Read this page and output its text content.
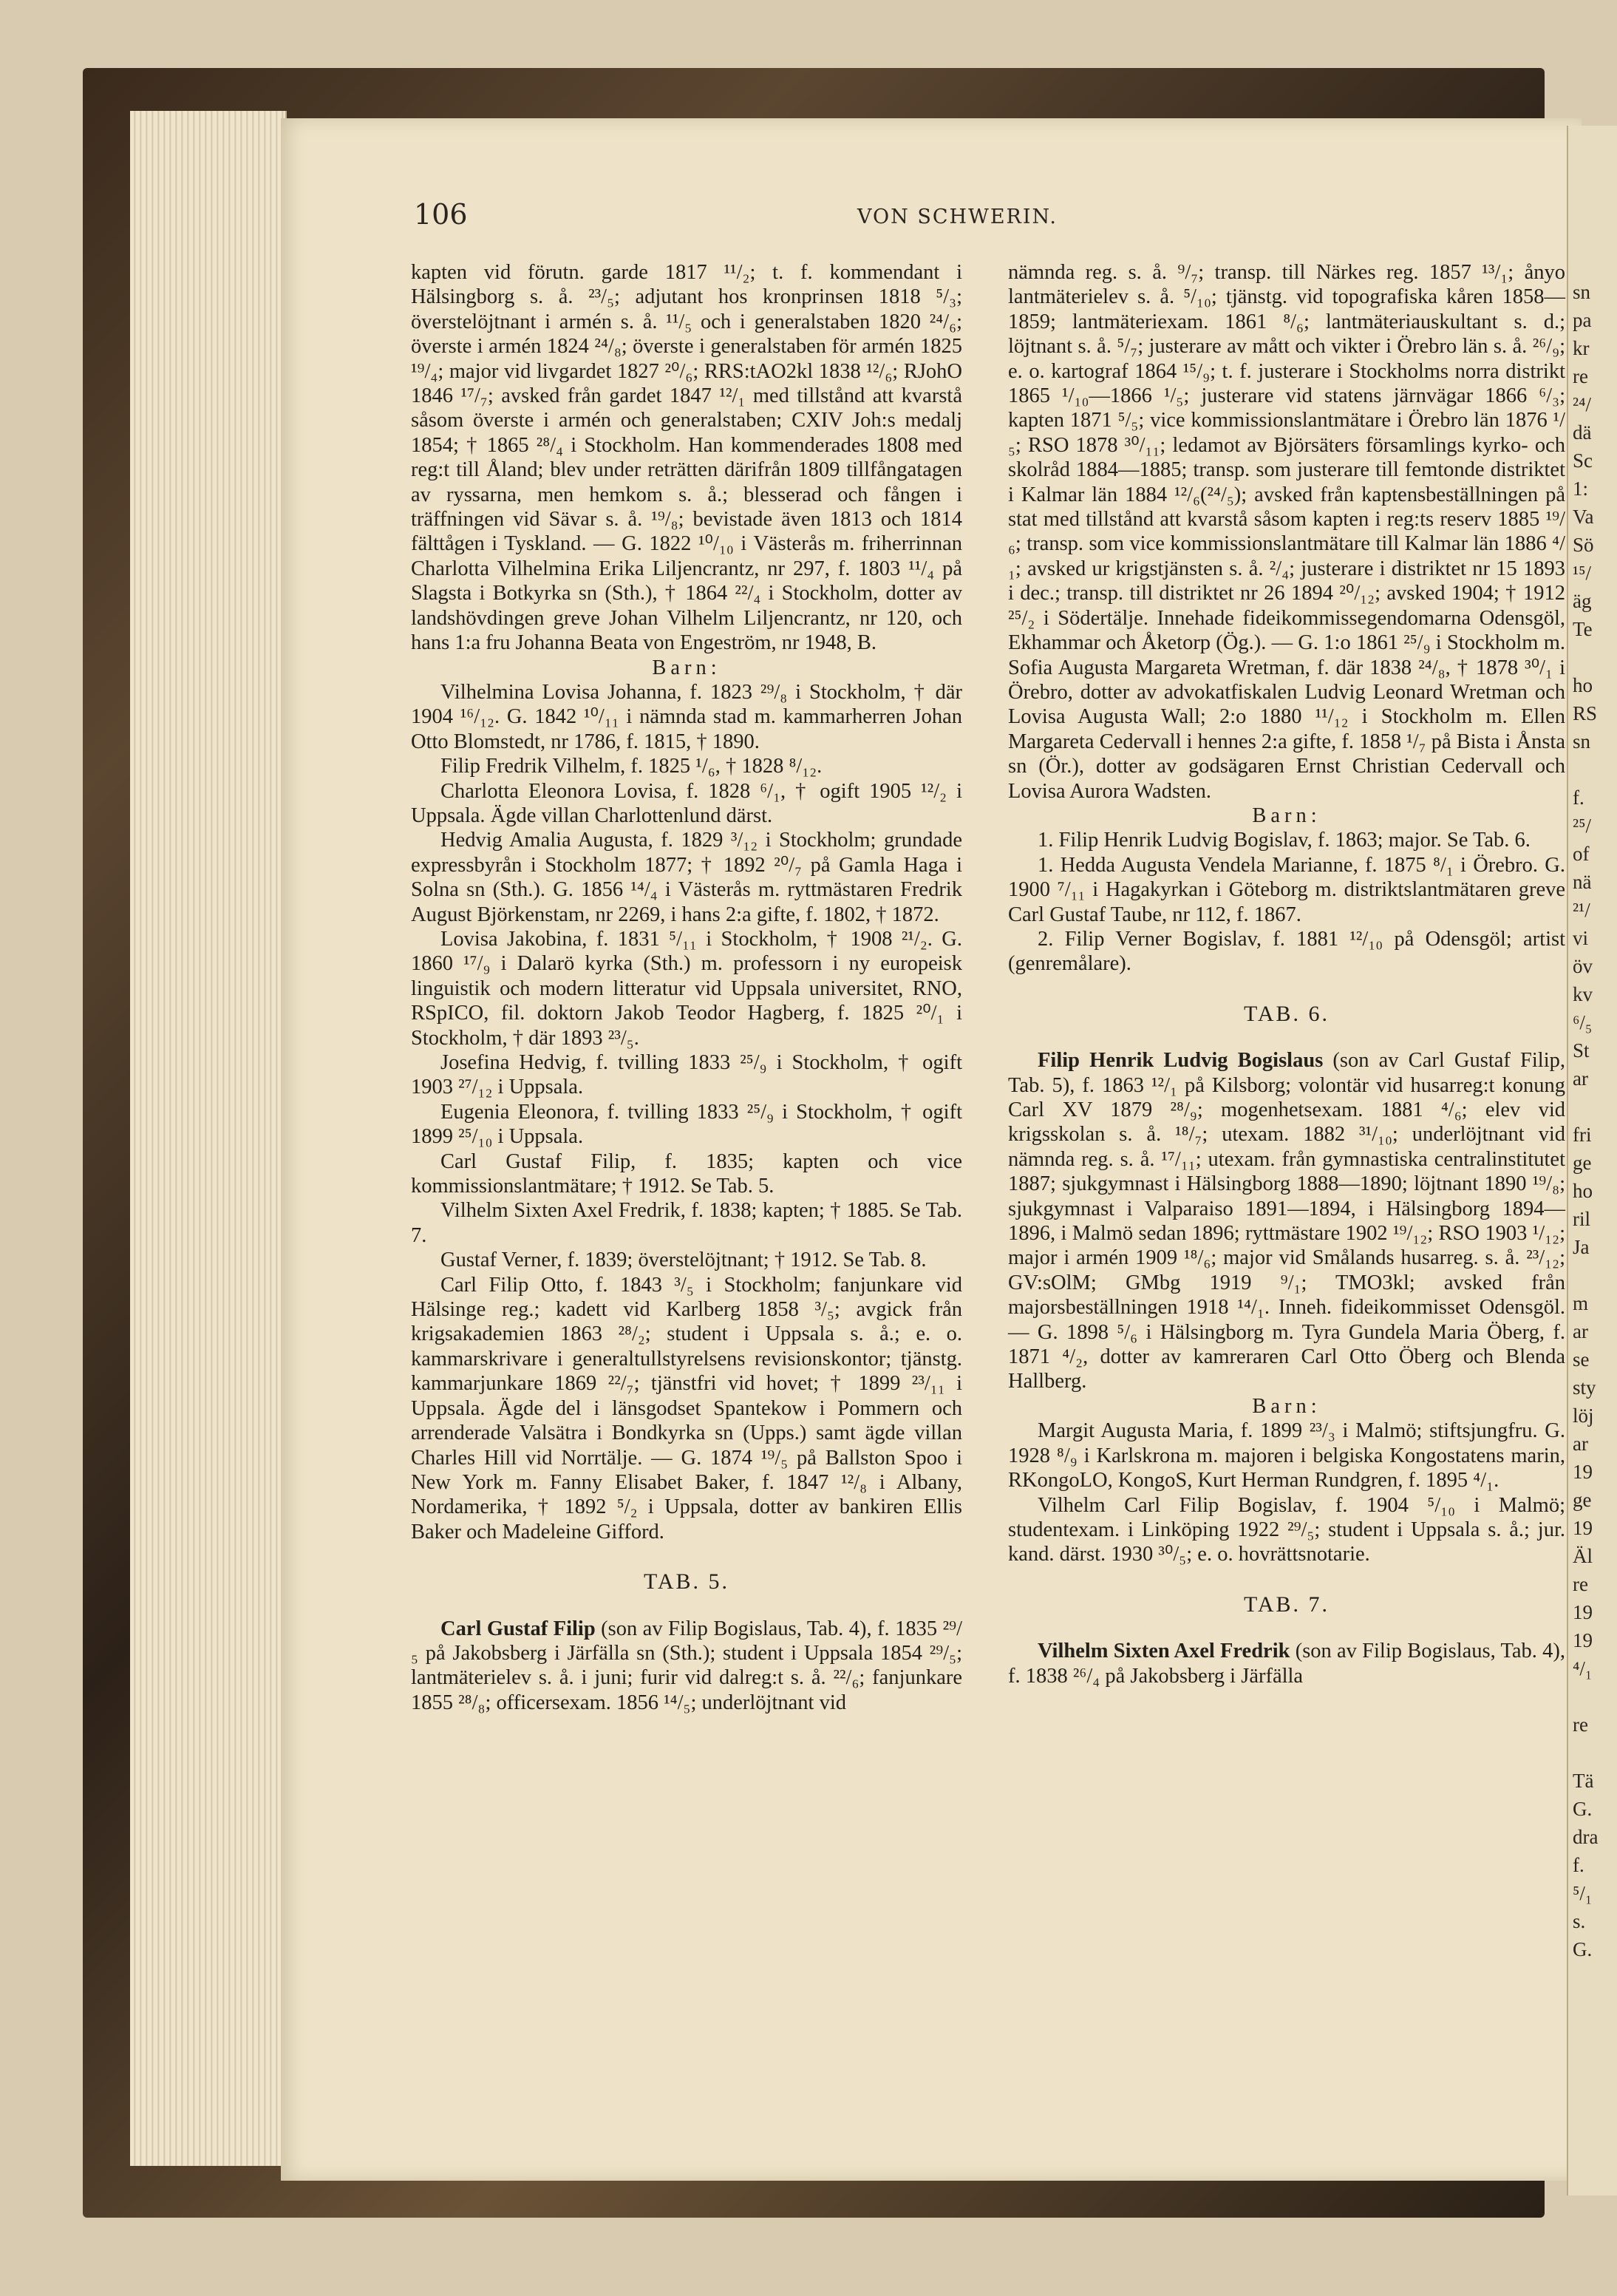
sn
pa
kr
re
²⁴/
dä
Sc
1:
Va
Sö
¹⁵/
äg
Te
ho
RS
sn
f.
²⁵/
of
nä
²¹/
vi
öv
kv
⁶/₅
St
ar
fri
ge
ho
ril
Ja
m
ar
se
sty
löj
ar
19
ge
19
Äl
re
19
19
⁴/₁
re
Tä
G.
dra
f.
⁵/₁
s.
G.
106	VON SCHWERIN.

kapten vid förutn. garde 1817 ¹¹/₂; t. f. kommendant i Hälsingborg s. å. ²³/₅; adjutant hos kronprinsen 1818 ⁵/₃; överstelöjtnant i armén s. å. ¹¹/₅ och i generalstaben 1820 ²⁴/₆; överste i armén 1824 ²⁴/₈; överste i generalstaben för armén 1825 ¹⁹/₄; major vid livgardet 1827 ²⁰/₆; RRS:tAO2kl 1838 ¹²/₆; RJohO 1846 ¹⁷/₇; avsked från gardet 1847 ¹²/₁ med tillstånd att kvarstå såsom överste i armén och generalstaben; CXIV Joh:s medalj 1854; † 1865 ²⁸/₄ i Stockholm. Han kommenderades 1808 med reg:t till Åland; blev under reträtten därifrån 1809 tillfångatagen av ryssarna, men hemkom s. å.; blesserad och fången i träffningen vid Sävar s. å. ¹⁹/₈; bevistade även 1813 och 1814 fälttågen i Tyskland. — G. 1822 ¹⁰/₁₀ i Västerås m. friherrinnan Charlotta Vilhelmina Erika Liljencrantz, nr 297, f. 1803 ¹¹/₄ på Slagsta i Botkyrka sn (Sth.), † 1864 ²²/₄ i Stockholm, dotter av landshövdingen greve Johan Vilhelm Liljencrantz, nr 120, och hans 1:a fru Johanna Beata von Engeström, nr 1948, B.

Barn:

Vilhelmina Lovisa Johanna, f. 1823 ²⁹/₈ i Stockholm, † där 1904 ¹⁶/₁₂. G. 1842 ¹⁰/₁₁ i nämnda stad m. kammarherren Johan Otto Blomstedt, nr 1786, f. 1815, † 1890.

Filip Fredrik Vilhelm, f. 1825 ¹/₆, † 1828 ⁸/₁₂.

Charlotta Eleonora Lovisa, f. 1828 ⁶/₁, † ogift 1905 ¹²/₂ i Uppsala. Ägde villan Charlottenlund därst.

Hedvig Amalia Augusta, f. 1829 ³/₁₂ i Stockholm; grundade expressbyrån i Stockholm 1877; † 1892 ²⁰/₇ på Gamla Haga i Solna sn (Sth.). G. 1856 ¹⁴/₄ i Västerås m. ryttmästaren Fredrik August Björkenstam, nr 2269, i hans 2:a gifte, f. 1802, † 1872.

Lovisa Jakobina, f. 1831 ⁵/₁₁ i Stockholm, † 1908 ²¹/₂. G. 1860 ¹⁷/₉ i Dalarö kyrka (Sth.) m. professorn i ny europeisk linguistik och modern litteratur vid Uppsala universitet, RNO, RSpICO, fil. doktorn Jakob Teodor Hagberg, f. 1825 ²⁰/₁ i Stockholm, † där 1893 ²³/₅.

Josefina Hedvig, f. tvilling 1833 ²⁵/₉ i Stockholm, † ogift 1903 ²⁷/₁₂ i Uppsala.

Eugenia Eleonora, f. tvilling 1833 ²⁵/₉ i Stockholm, † ogift 1899 ²⁵/₁₀ i Uppsala.

Carl Gustaf Filip, f. 1835; kapten och vice kommissionslantmätare; † 1912. Se Tab. 5.

Vilhelm Sixten Axel Fredrik, f. 1838; kapten; † 1885. Se Tab. 7.

Gustaf Verner, f. 1839; överstelöjtnant; † 1912. Se Tab. 8.

Carl Filip Otto, f. 1843 ³/₅ i Stockholm; fanjunkare vid Hälsinge reg.; kadett vid Karlberg 1858 ³/₅; avgick från krigsakademien 1863 ²⁸/₂; student i Uppsala s. å.; e. o. kammarskrivare i generaltullstyrelsens revisionskontor; tjänstg. kammarjunkare 1869 ²²/₇; tjänstfri vid hovet; † 1899 ²³/₁₁ i Uppsala. Ägde del i länsgodset Spantekow i Pommern och arrenderade Valsätra i Bondkyrka sn (Upps.) samt ägde villan Charles Hill vid Norrtälje. — G. 1874 ¹⁹/₅ på Ballston Spoo i New York m. Fanny Elisabet Baker, f. 1847 ¹²/₈ i Albany, Nordamerika, † 1892 ⁵/₂ i Uppsala, dotter av bankiren Ellis Baker och Madeleine Gifford.

TAB. 5.

Carl Gustaf Filip (son av Filip Bogislaus, Tab. 4), f. 1835 ²⁹/₅ på Jakobsberg i Järfälla sn (Sth.); student i Uppsala 1854 ²⁹/₅; lantmäterielev s. å. i juni; furir vid dalreg:t s. å. ²²/₆; fanjunkare 1855 ²⁸/₈; officersexam. 1856 ¹⁴/₅; underlöjtnant vid

nämnda reg. s. å. ⁹/₇; transp. till Närkes reg. 1857 ¹³/₁; ånyo lantmäterielev s. å. ⁵/₁₀; tjänstg. vid topografiska kåren 1858—1859; lantmäteriexam. 1861 ⁸/₆; lantmäteriauskultant s. d.; löjtnant s. å. ⁵/₇; justerare av mått och vikter i Örebro län s. å. ²⁶/₉; e. o. kartograf 1864 ¹⁵/₉; t. f. justerare i Stockholms norra distrikt 1865 ¹/₁₀—1866 ¹/₅; justerare vid statens järnvägar 1866 ⁶/₃; kapten 1871 ⁵/₅; vice kommissionslantmätare i Örebro län 1876 ¹/₅; RSO 1878 ³⁰/₁₁; ledamot av Björsäters församlings kyrko- och skolråd 1884—1885; transp. som justerare till femtonde distriktet i Kalmar län 1884 ¹²/₆(²⁴/₅); avsked från kaptensbeställningen på stat med tillstånd att kvarstå såsom kapten i reg:ts reserv 1885 ¹⁹/₆; transp. som vice kommissionslantmätare till Kalmar län 1886 ⁴/₁; avsked ur krigstjänsten s. å. ²/₄; justerare i distriktet nr 15 1893 i dec.; transp. till distriktet nr 26 1894 ²⁰/₁₂; avsked 1904; † 1912 ²⁵/₂ i Södertälje. Innehade fideikommissegendomarna Odensgöl, Ekhammar och Åketorp (Ög.). — G. 1:o 1861 ²⁵/₉ i Stockholm m. Sofia Augusta Margareta Wretman, f. där 1838 ²⁴/₈, † 1878 ³⁰/₁ i Örebro, dotter av advokatfiskalen Ludvig Leonard Wretman och Lovisa Augusta Wall; 2:o 1880 ¹¹/₁₂ i Stockholm m. Ellen Margareta Cedervall i hennes 2:a gifte, f. 1858 ¹/₇ på Bista i Ånsta sn (Ör.), dotter av godsägaren Ernst Christian Cedervall och Lovisa Aurora Wadsten.

Barn:

1. Filip Henrik Ludvig Bogislav, f. 1863; major. Se Tab. 6.

1. Hedda Augusta Vendela Marianne, f. 1875 ⁸/₁ i Örebro. G. 1900 ⁷/₁₁ i Hagakyrkan i Göteborg m. distriktslantmätaren greve Carl Gustaf Taube, nr 112, f. 1867.

2. Filip Verner Bogislav, f. 1881 ¹²/₁₀ på Odensgöl; artist (genremålare).

TAB. 6.

Filip Henrik Ludvig Bogislaus (son av Carl Gustaf Filip, Tab. 5), f. 1863 ¹²/₁ på Kilsborg; volontär vid husarreg:t konung Carl XV 1879 ²⁸/₉; mogenhetsexam. 1881 ⁴/₆; elev vid krigsskolan s. å. ¹⁸/₇; utexam. 1882 ³¹/₁₀; underlöjtnant vid nämnda reg. s. å. ¹⁷/₁₁; utexam. från gymnastiska centralinstitutet 1887; sjukgymnast i Hälsingborg 1888—1890; löjtnant 1890 ¹⁹/₈; sjukgymnast i Valparaiso 1891—1894, i Hälsingborg 1894—1896, i Malmö sedan 1896; ryttmästare 1902 ¹⁹/₁₂; RSO 1903 ¹/₁₂; major i armén 1909 ¹⁸/₆; major vid Smålands husarreg. s. å. ²³/₁₂; GV:sOlM; GMbg 1919 ⁹/₁; TMO3kl; avsked från majorsbeställningen 1918 ¹⁴/₁. Inneh. fideikommisset Odensgöl. — G. 1898 ⁵/₆ i Hälsingborg m. Tyra Gundela Maria Öberg, f. 1871 ⁴/₂, dotter av kamreraren Carl Otto Öberg och Blenda Hallberg.

Barn:

Margit Augusta Maria, f. 1899 ²³/₃ i Malmö; stiftsjungfru. G. 1928 ⁸/₉ i Karlskrona m. majoren i belgiska Kongostatens marin, RKongoLO, KongoS, Kurt Herman Rundgren, f. 1895 ⁴/₁.

Vilhelm Carl Filip Bogislav, f. 1904 ⁵/₁₀ i Malmö; studentexam. i Linköping 1922 ²⁹/₅; student i Uppsala s. å.; jur. kand. därst. 1930 ³⁰/₅; e. o. hovrättsnotarie.

TAB. 7.

Vilhelm Sixten Axel Fredrik (son av Filip Bogislaus, Tab. 4), f. 1838 ²⁶/₄ på Jakobsberg i Järfälla
